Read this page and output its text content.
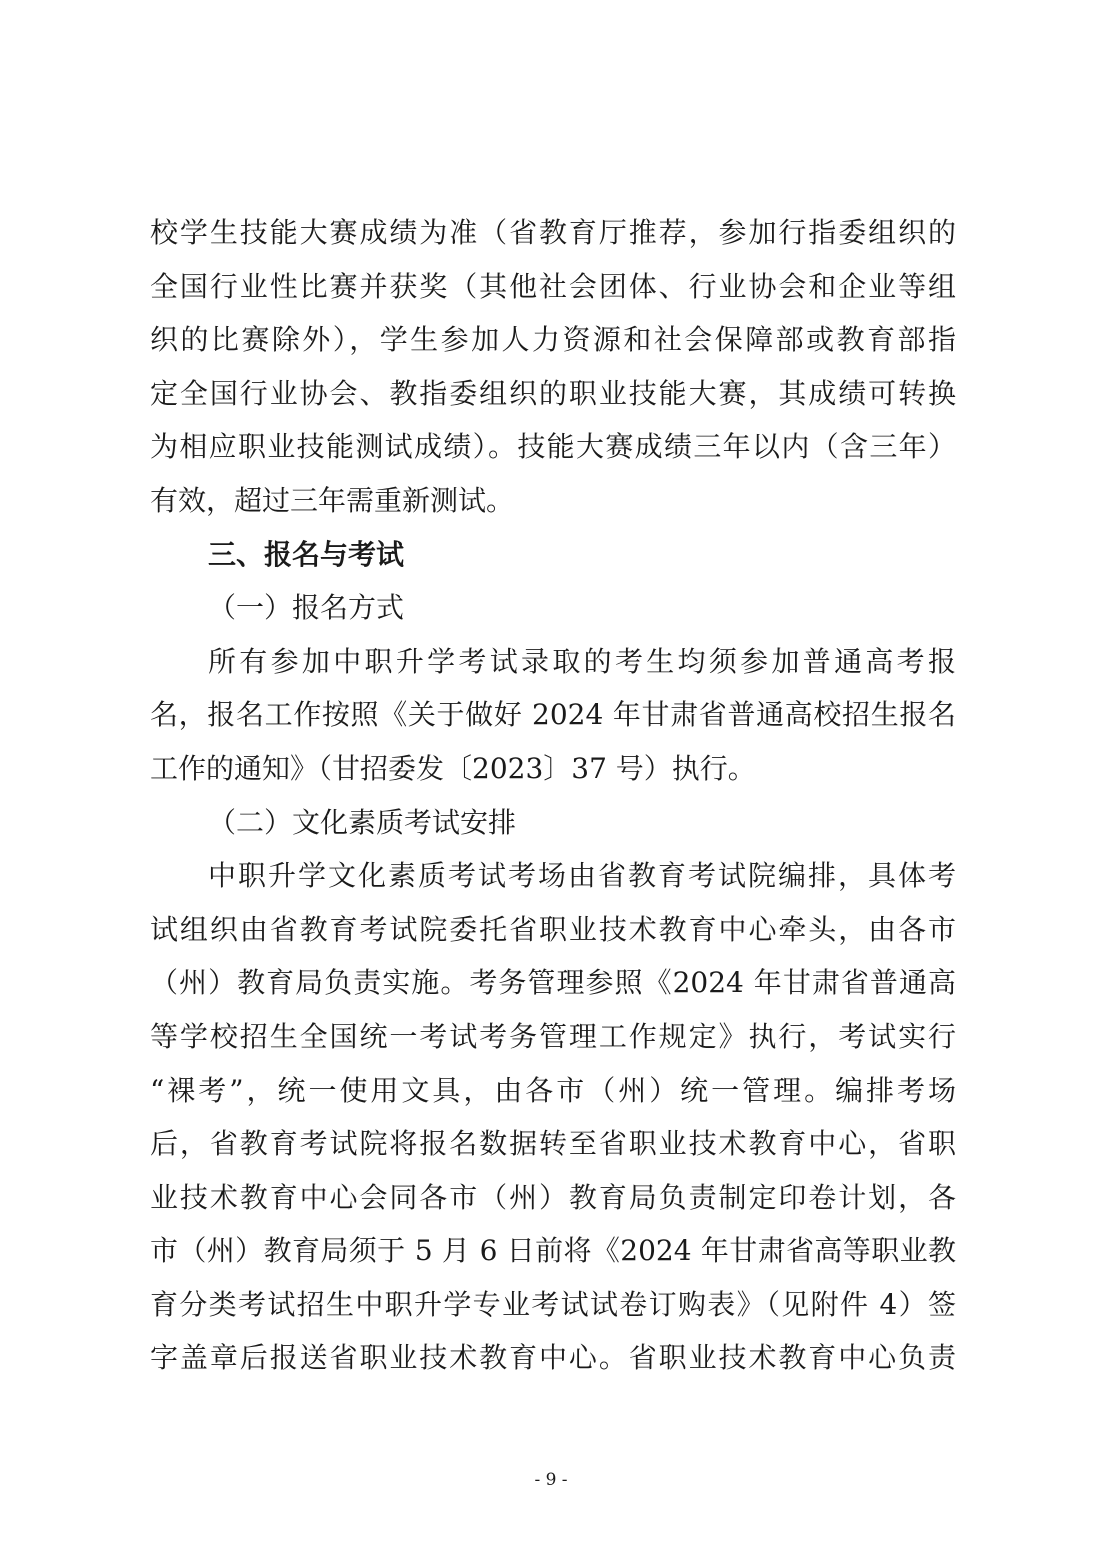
校学生技能大赛成绩为准（省教育厅推荐，参加行指委组织的
全国行业性比赛并获奖（其他社会团体、行业协会和企业等组
织的比赛除外），学生参加人力资源和社会保障部或教育部指
定全国行业协会、教指委组织的职业技能大赛，其成绩可转换
为相应职业技能测试成绩）。技能大赛成绩三年以内（含三年）
有效，超过三年需重新测试。
三、报名与考试
（一）报名方式
所有参加中职升学考试录取的考生均须参加普通高考报
名，报名工作按照《关于做好 2024 年甘肃省普通高校招生报名
工作的通知》（甘招委发〔2023〕37 号）执行。
（二）文化素质考试安排
中职升学文化素质考试考场由省教育考试院编排，具体考
试组织由省教育考试院委托省职业技术教育中心牵头，由各市
（州）教育局负责实施。考务管理参照《2024 年甘肃省普通高
等学校招生全国统一考试考务管理工作规定》执行，考试实行
“裸考”，统一使用文具，由各市（州）统一管理。编排考场
后，省教育考试院将报名数据转至省职业技术教育中心，省职
业技术教育中心会同各市（州）教育局负责制定印卷计划，各
市（州）教育局须于 5 月 6 日前将《2024 年甘肃省高等职业教
育分类考试招生中职升学专业考试试卷订购表》（见附件 4）签
字盖章后报送省职业技术教育中心。省职业技术教育中心负责
- 9 -
